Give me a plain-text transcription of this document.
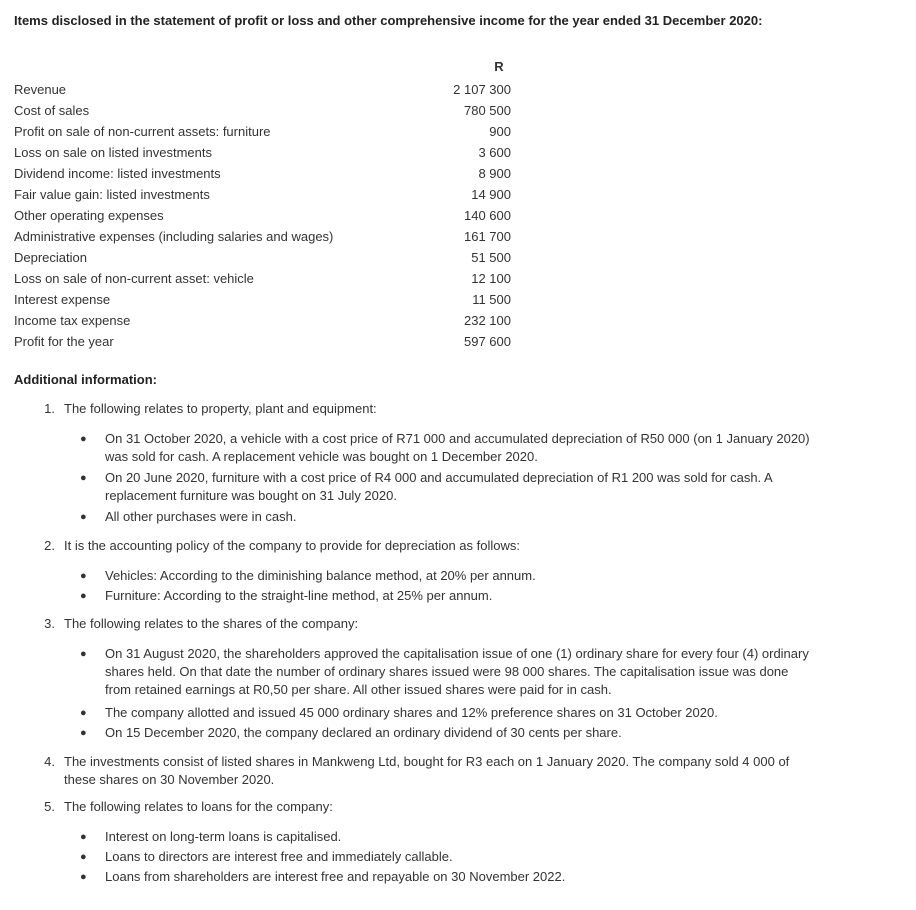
Items disclosed in the statement of profit or loss and other comprehensive income for the year ended 31 December 2020:

R
Revenue	2 107 300
Cost of sales	780 500
Profit on sale of non-current assets: furniture	900
Loss on sale on listed investments	3 600
Dividend income: listed investments	8 900
Fair value gain: listed investments	14 900
Other operating expenses	140 600
Administrative expenses (including salaries and wages)	161 700
Depreciation	51 500
Loss on sale of non-current asset: vehicle	12 100
Interest expense	11 500
Income tax expense	232 100
Profit for the year	597 600
Additional information:
1. The following relates to property, plant and equipment:
● On 31 October 2020, a vehicle with a cost price of R71 000 and accumulated depreciation of R50 000 (on 1 January 2020) was sold for cash. A replacement vehicle was bought on 1 December 2020.
● On 20 June 2020, furniture with a cost price of R4 000 and accumulated depreciation of R1 200 was sold for cash. A replacement furniture was bought on 31 July 2020.
● All other purchases were in cash.
2. It is the accounting policy of the company to provide for depreciation as follows:
● Vehicles: According to the diminishing balance method, at 20% per annum.
● Furniture: According to the straight-line method, at 25% per annum.
3. The following relates to the shares of the company:
● On 31 August 2020, the shareholders approved the capitalisation issue of one (1) ordinary share for every four (4) ordinary shares held. On that date the number of ordinary shares issued were 98 000 shares. The capitalisation issue was done from retained earnings at R0,50 per share. All other issued shares were paid for in cash.
● The company allotted and issued 45 000 ordinary shares and 12% preference shares on 31 October 2020.
● On 15 December 2020, the company declared an ordinary dividend of 30 cents per share.
4. The investments consist of listed shares in Mankweng Ltd, bought for R3 each on 1 January 2020. The company sold 4 000 of these shares on 30 November 2020.
5. The following relates to loans for the company:
● Interest on long-term loans is capitalised.
● Loans to directors are interest free and immediately callable.
● Loans from shareholders are interest free and repayable on 30 November 2022.
